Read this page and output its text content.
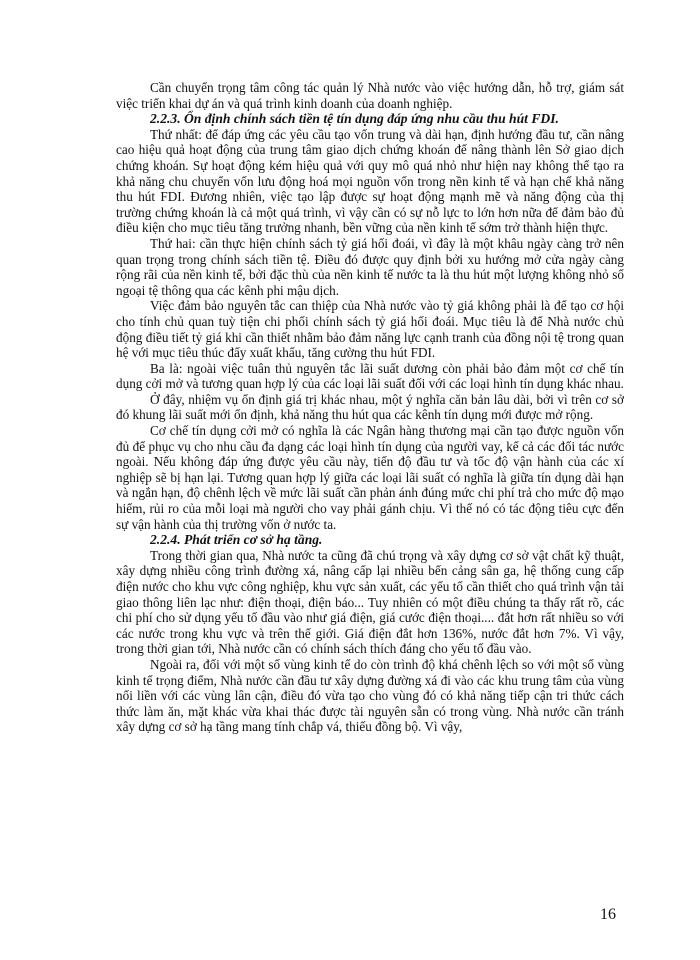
Cần chuyển trọng tâm công tác quản lý Nhà nước vào việc hướng dẫn, hỗ trợ, giám sát việc triển khai dự án và quá trình kinh doanh của doanh nghiệp.

2.2.3. Ổn định chính sách tiền tệ tín dụng đáp ứng nhu cầu thu hút FDI.

Thứ nhất: để đáp ứng các yêu cầu tạo vốn trung và dài hạn, định hướng đầu tư, cần nâng cao hiệu quả hoạt động của trung tâm giao dịch chứng khoán để nâng thành lên Sở giao dịch chứng khoán. Sự hoạt động kém hiệu quả với quy mô quá nhỏ như hiện nay không thể tạo ra khả năng chu chuyển vốn lưu động hoá mọi nguồn vốn trong nền kinh tế và hạn chế khả năng thu hút FDI. Đương nhiên, việc tạo lập được sự hoạt động mạnh mẽ và năng động của thị trường chứng khoán là cả một quá trình, vì vậy cần có sự nỗ lực to lớn hơn nữa để đảm bảo đủ điều kiện cho mục tiêu tăng trưởng nhanh, bền vững của nền kinh tế sớm trở thành hiện thực.

Thứ hai: cần thực hiện chính sách tỷ giá hối đoái, vì đây là một khâu ngày càng trở nên quan trọng trong chính sách tiền tệ. Điều đó được quy định bởi xu hướng mở cửa ngày càng rộng rãi của nền kinh tế, bởi đặc thù của nền kinh tế nước ta là thu hút một lượng không nhỏ số ngoại tệ thông qua các kênh phi mậu dịch.

Việc đảm bảo nguyên tắc can thiệp của Nhà nước vào tỷ giá không phải là để tạo cơ hội cho tính chủ quan tuỳ tiện chi phối chính sách tỷ giá hối đoái. Mục tiêu là để Nhà nước chủ động điều tiết tỷ giá khi cần thiết nhằm bảo đảm năng lực cạnh tranh của đồng nội tệ trong quan hệ với mục tiêu thúc đẩy xuất khẩu, tăng cường thu hút FDI.

Ba là: ngoài việc tuân thủ nguyên tắc lãi suất dương còn phải bảo đảm một cơ chế tín dụng cởi mở và tương quan hợp lý của các loại lãi suất đối với các loại hình tín dụng khác nhau.

Ở đây, nhiệm vụ ổn định giá trị khác nhau, một ý nghĩa căn bản lâu dài, bởi vì trên cơ sở đó khung lãi suất mới ổn định, khả năng thu hút qua các kênh tín dụng mới được mở rộng.

Cơ chế tín dụng cởi mở có nghĩa là các Ngân hàng thương mại cần tạo được nguồn vốn đủ để phục vụ cho nhu cầu đa dạng các loại hình tín dụng của người vay, kể cả các đối tác nước ngoài. Nếu không đáp ứng được yêu cầu này, tiến độ đầu tư và tốc độ vận hành của các xí nghiệp sẽ bị hạn lại. Tương quan hợp lý giữa các loại lãi suất có nghĩa là giữa tín dụng dài hạn và ngắn hạn, độ chênh lệch về mức lãi suất cần phản ánh đúng mức chi phí trả cho mức độ mạo hiểm, rủi ro của mỗi loại mà người cho vay phải gánh chịu. Vì thế nó có tác động tiêu cực đến sự vận hành của thị trường vốn ở nước ta.

2.2.4. Phát triển cơ sở hạ tầng.

Trong thời gian qua, Nhà nước ta cũng đã chú trọng và xây dựng cơ sở vật chất kỹ thuật, xây dựng nhiều công trình đường xá, nâng cấp lại nhiều bến cảng sân ga, hệ thống cung cấp điện nước cho khu vực công nghiệp, khu vực sản xuất, các yếu tố cần thiết cho quá trình vận tải giao thông liên lạc như: điện thoại, điện báo... Tuy nhiên có một điều chúng ta thấy rất rõ, các chi phí cho sử dụng yếu tố đầu vào như giá điện, giá cước điện thoại.... đắt hơn rất nhiều so với các nước trong khu vực và trên thế giới. Giá điện đắt hơn 136%, nước đắt hơn 7%. Vì vậy, trong thời gian tới, Nhà nước cần có chính sách thích đáng cho yếu tố đầu vào.

Ngoài ra, đối với một số vùng kinh tế do còn trình độ khá chênh lệch so với một số vùng kinh tế trọng điểm, Nhà nước cần đầu tư xây dựng đường xá đi vào các khu trung tâm của vùng nối liền với các vùng lân cận, điều đó vừa tạo cho vùng đó có khả năng tiếp cận tri thức cách thức làm ăn, mặt khác vừa khai thác được tài nguyên sẵn có trong vùng. Nhà nước cần tránh xây dựng cơ sở hạ tầng mang tính chắp vá, thiếu đồng bộ. Vì vậy,

16
